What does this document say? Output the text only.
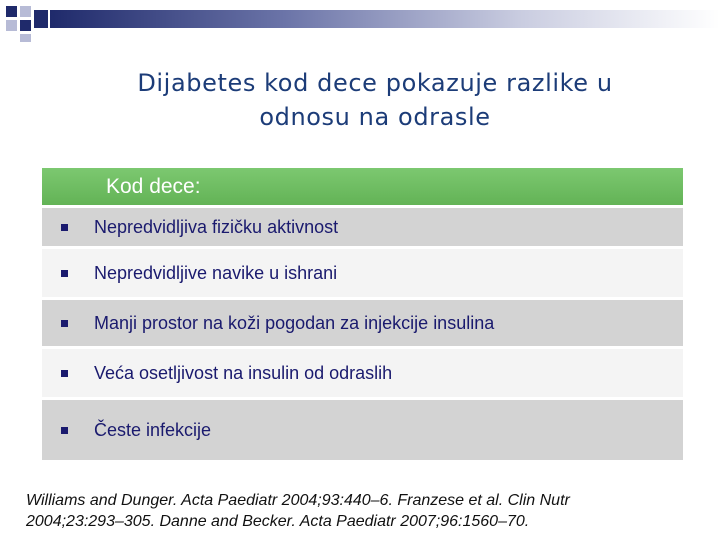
Dijabetes kod dece pokazuje razlike u
odnosu na odrasle
Kod dece:
Nepredvidljiva fizičku aktivnost
Nepredvidljive navike u ishrani
Manji prostor na koži pogodan za injekcije insulina
Veća osetljivost na insulin od odraslih
Česte infekcije

Williams and Dunger. Acta Paediatr 2004;93:440–6. Franzese et al. Clin Nutr
2004;23:293–305. Danne and Becker. Acta Paediatr 2007;96:1560–70.
